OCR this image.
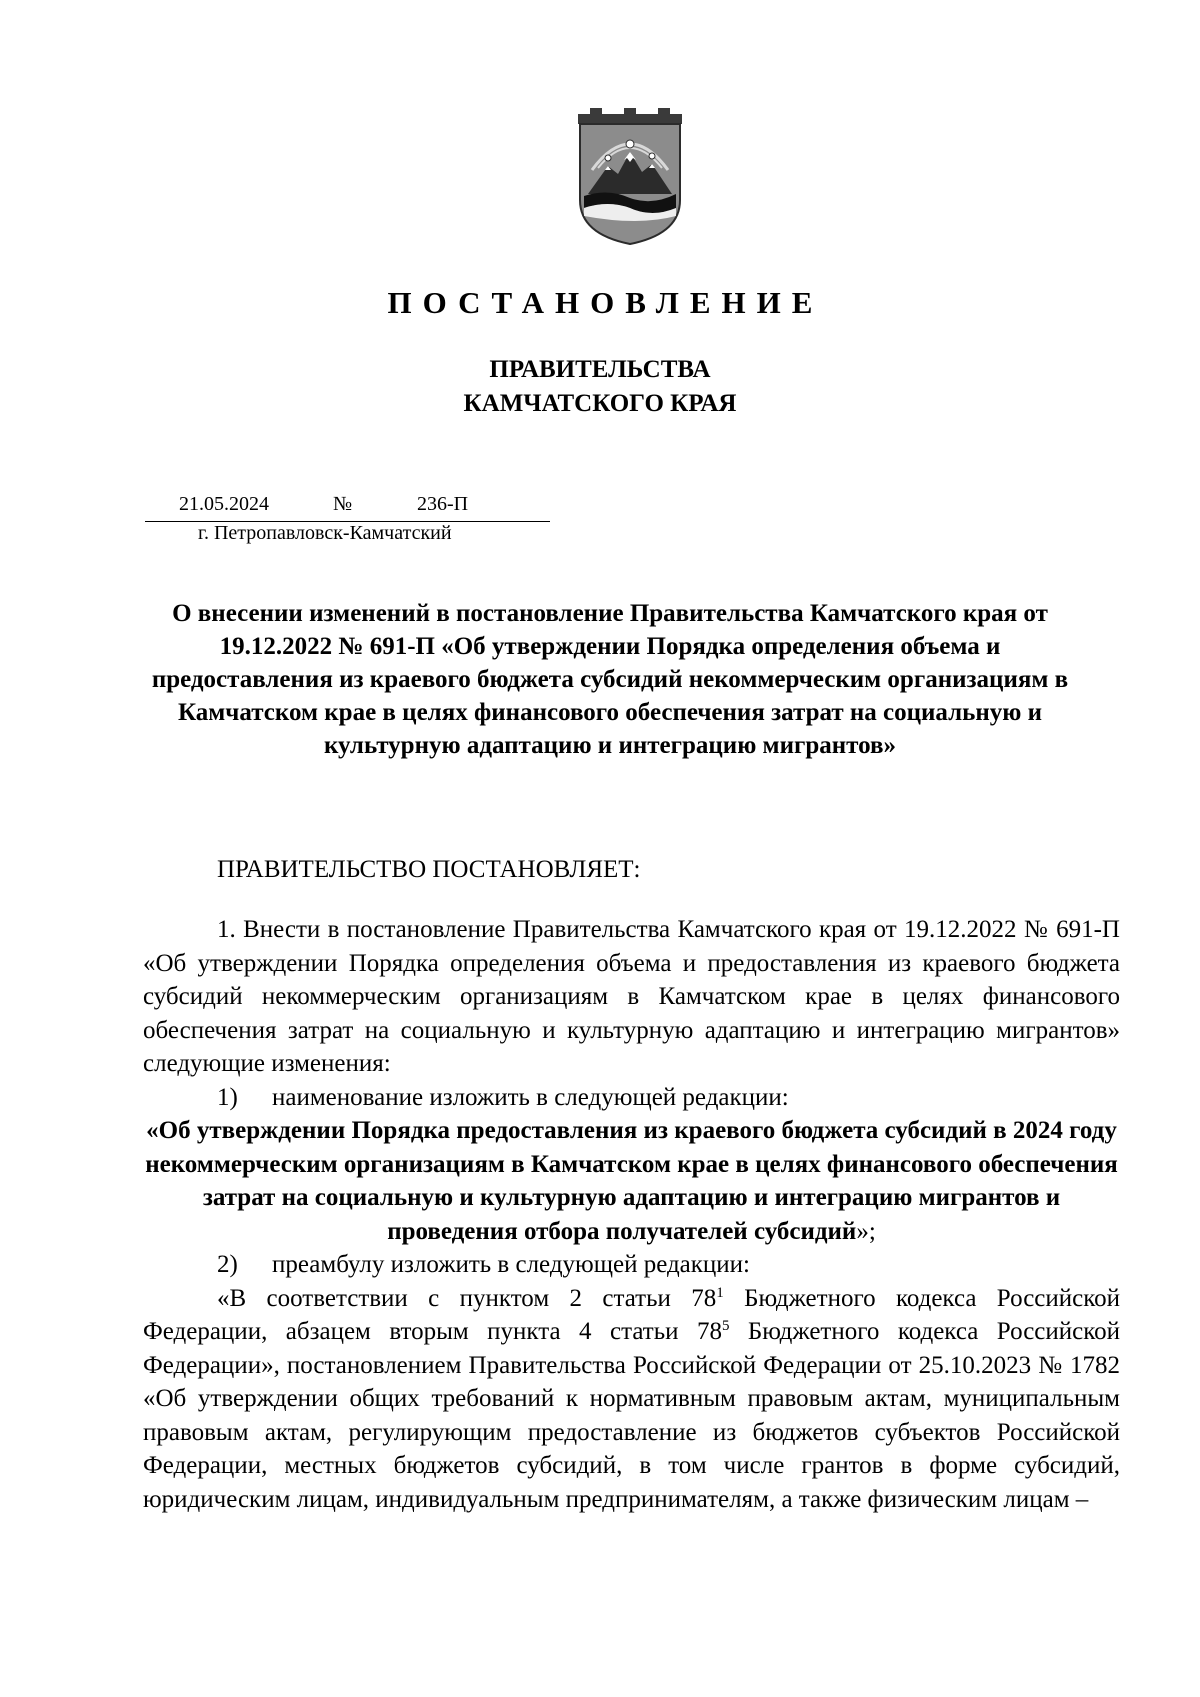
ПОСТАНОВЛЕНИЕ
ПРАВИТЕЛЬСТВА
КАМЧАТСКОГО КРАЯ
21.05.2024	№	236-П
г. Петропавловск-Камчатский
О внесении изменений в постановление Правительства Камчатского края от 19.12.2022 № 691-П «Об утверждении Порядка определения объема и предоставления из краевого бюджета субсидий некоммерческим организациям в Камчатском крае в целях финансового обеспечения затрат на социальную и культурную адаптацию и интеграцию мигрантов»
ПРАВИТЕЛЬСТВО ПОСТАНОВЛЯЕТ:

1. Внести в постановление Правительства Камчатского края от 19.12.2022 № 691-П «Об утверждении Порядка определения объема и предоставления из краевого бюджета субсидий некоммерческим организациям в Камчатском крае в целях финансового обеспечения затрат на социальную и культурную адаптацию и интеграцию мигрантов» следующие изменения:

1) наименование изложить в следующей редакции:

«Об утверждении Порядка предоставления из краевого бюджета субсидий в 2024 году некоммерческим организациям в Камчатском крае в целях финансового обеспечения затрат на социальную и культурную адаптацию и интеграцию мигрантов и проведения отбора получателей субсидий»;

2) преамбулу изложить в следующей редакции:

«В соответствии с пунктом 2 статьи $78^1$ Бюджетного кодекса Российской Федерации, абзацем вторым пункта 4 статьи $78^5$ Бюджетного кодекса Российской Федерации», постановлением Правительства Российской Федерации от 25.10.2023 № 1782 «Об утверждении общих требований к нормативным правовым актам, муниципальным правовым актам, регулирующим предоставление из бюджетов субъектов Российской Федерации, местных бюджетов субсидий, в том числе грантов в форме субсидий, юридическим лицам, индивидуальным предпринимателям, а также физическим лицам –
